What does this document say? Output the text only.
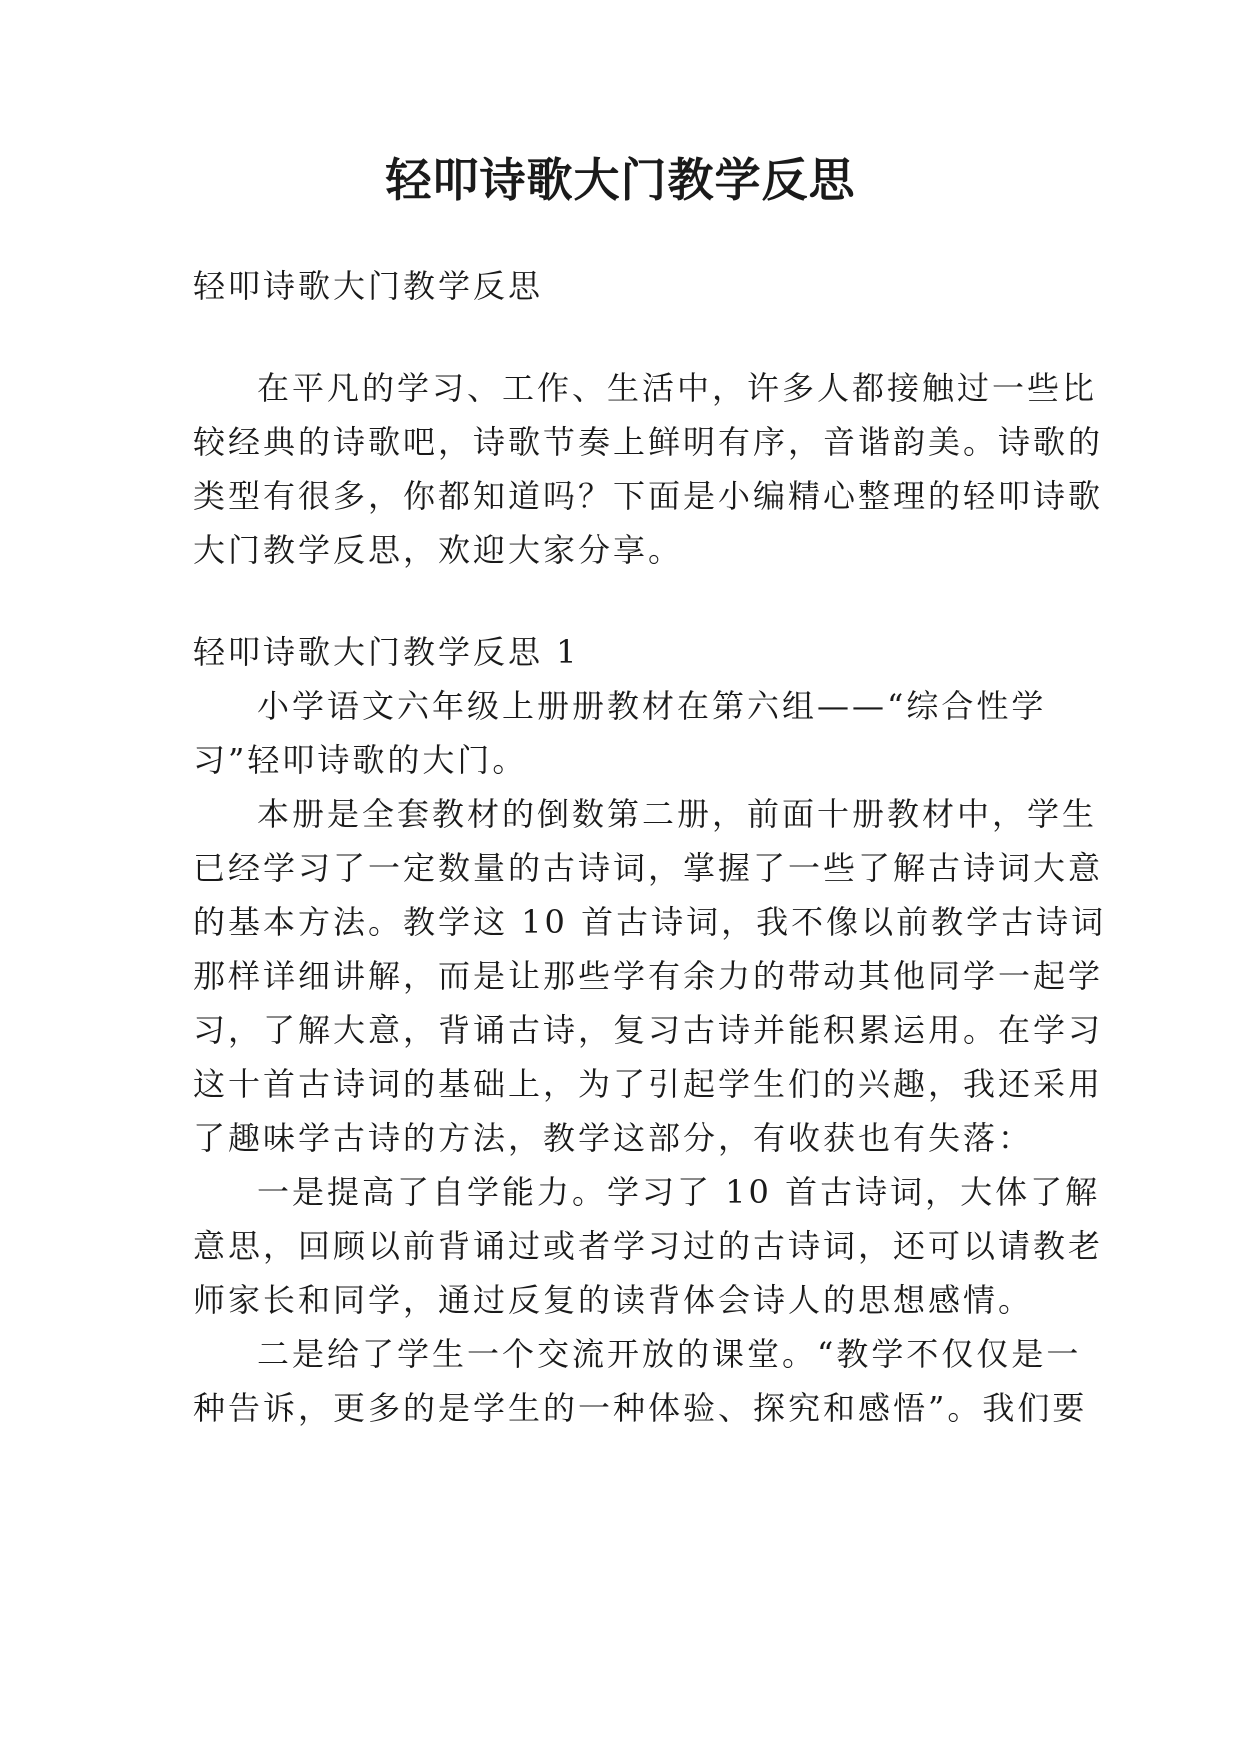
轻叩诗歌大门教学反思
轻叩诗歌大门教学反思
在平凡的学习、工作、生活中，许多人都接触过一些比
较经典的诗歌吧，诗歌节奏上鲜明有序，音谐韵美。诗歌的
类型有很多，你都知道吗？下面是小编精心整理的轻叩诗歌
大门教学反思，欢迎大家分享。
轻叩诗歌大门教学反思 1
小学语文六年级上册册教材在第六组——“综合性学
习”轻叩诗歌的大门。
本册是全套教材的倒数第二册，前面十册教材中，学生
已经学习了一定数量的古诗词，掌握了一些了解古诗词大意
的基本方法。教学这 10 首古诗词，我不像以前教学古诗词
那样详细讲解，而是让那些学有余力的带动其他同学一起学
习，了解大意，背诵古诗，复习古诗并能积累运用。在学习
这十首古诗词的基础上，为了引起学生们的兴趣，我还采用
了趣味学古诗的方法，教学这部分，有收获也有失落：
一是提高了自学能力。学习了 10 首古诗词，大体了解
意思，回顾以前背诵过或者学习过的古诗词，还可以请教老
师家长和同学，通过反复的读背体会诗人的思想感情。
二是给了学生一个交流开放的课堂。“教学不仅仅是一
种告诉，更多的是学生的一种体验、探究和感悟”。我们要
